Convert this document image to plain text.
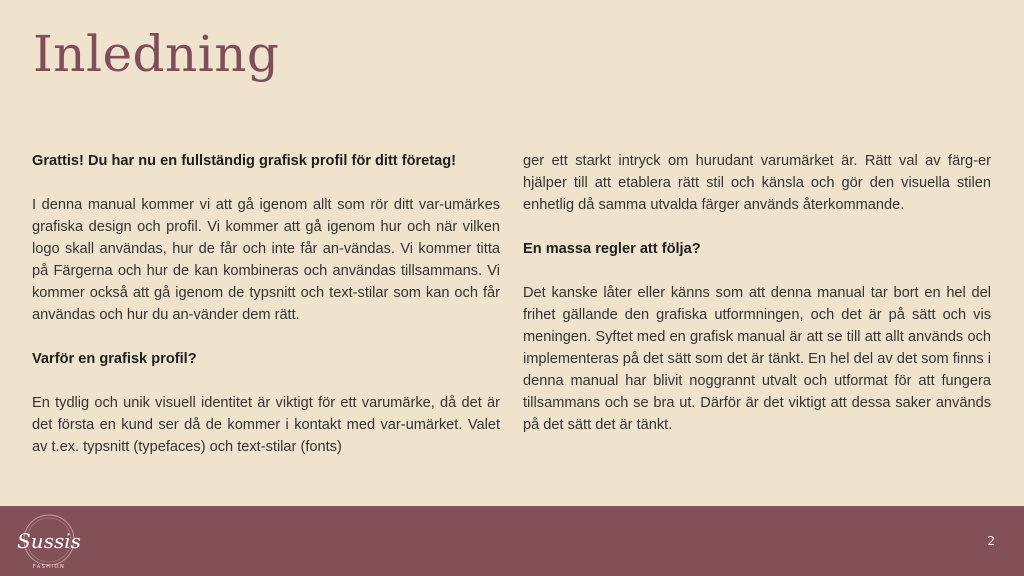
Inledning

Grattis! Du har nu en fullständig grafisk profil för ditt företag!

I denna manual kommer vi att gå igenom allt som rör ditt var-umärkes grafiska design och profil. Vi kommer att gå igenom hur och när vilken logo skall användas, hur de får och inte får an-vändas. Vi kommer titta på Färgerna och hur de kan kombineras och användas tillsammans. Vi kommer också att gå igenom de typsnitt och text-stilar som kan och får användas och hur du an-vänder dem rätt.

Varför en grafisk profil?

En tydlig och unik visuell identitet är viktigt för ett varumärke, då det är det första en kund ser då de kommer i kontakt med var-umärket. Valet av t.ex. typsnitt (typefaces) och text-stilar (fonts)

ger ett starkt intryck om hurudant varumärket är. Rätt val av färg-er hjälper till att etablera rätt stil och känsla och gör den visuella stilen enhetlig då samma utvalda färger används återkommande.

En massa regler att följa?

Det kanske låter eller känns som att denna manual tar bort en hel del frihet gällande den grafiska utformningen, och det är på sätt och vis meningen. Syftet med en grafisk manual är att se till att allt används och implementeras på det sätt som det är tänkt. En hel del av det som finns i denna manual har blivit noggrannt utvalt och utformat för att fungera tillsammans och se bra ut. Därför är det viktigt att dessa saker används på det sätt det är tänkt.

Sussis
FASHION
2
